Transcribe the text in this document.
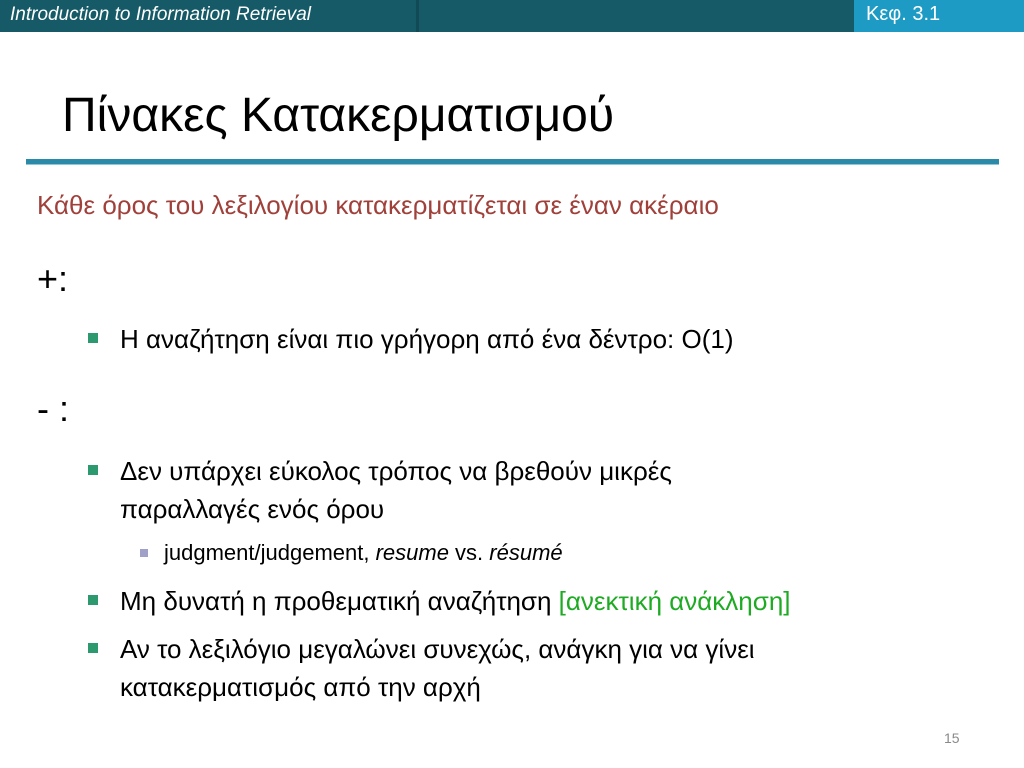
Introduction to Information Retrieval	Κεφ. 3.1
Πίνακες Κατακερματισμού
Κάθε όρος του λεξιλογίου κατακερματίζεται σε έναν ακέραιο
+:
Η αναζήτηση είναι πιο γρήγορη από ένα δέντρο: Ο(1)
- :
Δεν υπάρχει εύκολος τρόπος να βρεθούν μικρές
παραλλαγές ενός όρου
judgment/judgement, resume vs. résumé
Μη δυνατή η προθεματική αναζήτηση [ανεκτική ανάκληση]
Αν το λεξιλόγιο μεγαλώνει συνεχώς, ανάγκη για να γίνει
κατακερματισμός από την αρχή
15
